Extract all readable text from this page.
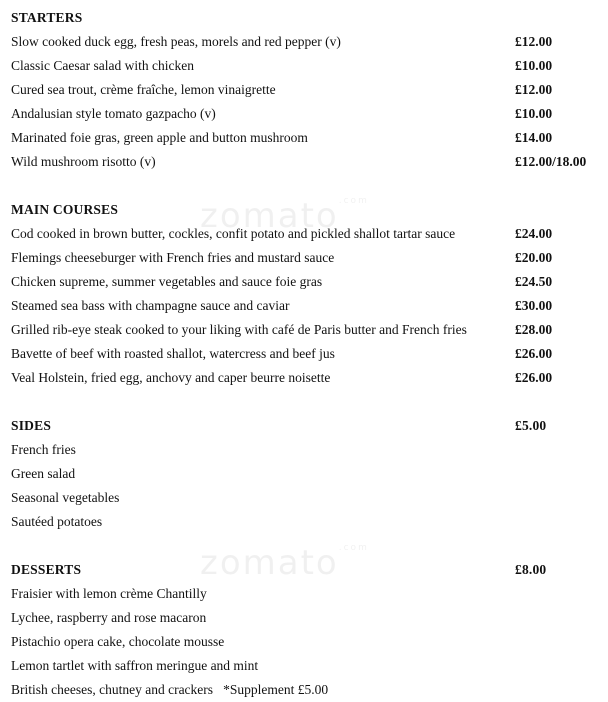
zomato$^{.com}$
zomato$^{.com}$
STARTERS
Slow cooked duck egg, fresh peas, morels and red pepper (v)	£12.00
Classic Caesar salad with chicken	£10.00
Cured sea trout, crème fraîche, lemon vinaigrette	£12.00
Andalusian style tomato gazpacho (v)	£10.00
Marinated foie gras, green apple and button mushroom	£14.00
Wild mushroom risotto (v)	£12.00/18.00
MAIN COURSES
Cod cooked in brown butter, cockles, confit potato and pickled shallot tartar sauce	£24.00
Flemings cheeseburger with French fries and mustard sauce	£20.00
Chicken supreme, summer vegetables and sauce foie gras	£24.50
Steamed sea bass with champagne sauce and caviar	£30.00
Grilled rib-eye steak cooked to your liking with café de Paris butter and French fries	£28.00
Bavette of beef with roasted shallot, watercress and beef jus	£26.00
Veal Holstein, fried egg, anchovy and caper beurre noisette	£26.00
SIDES	£5.00
French fries
Green salad
Seasonal vegetables
Sautéed potatoes
DESSERTS	£8.00
Fraisier with lemon crème Chantilly
Lychee, raspberry and rose macaron
Pistachio opera cake, chocolate mousse
Lemon tartlet with saffron meringue and mint
British cheeses, chutney and crackers   *Supplement £5.00
